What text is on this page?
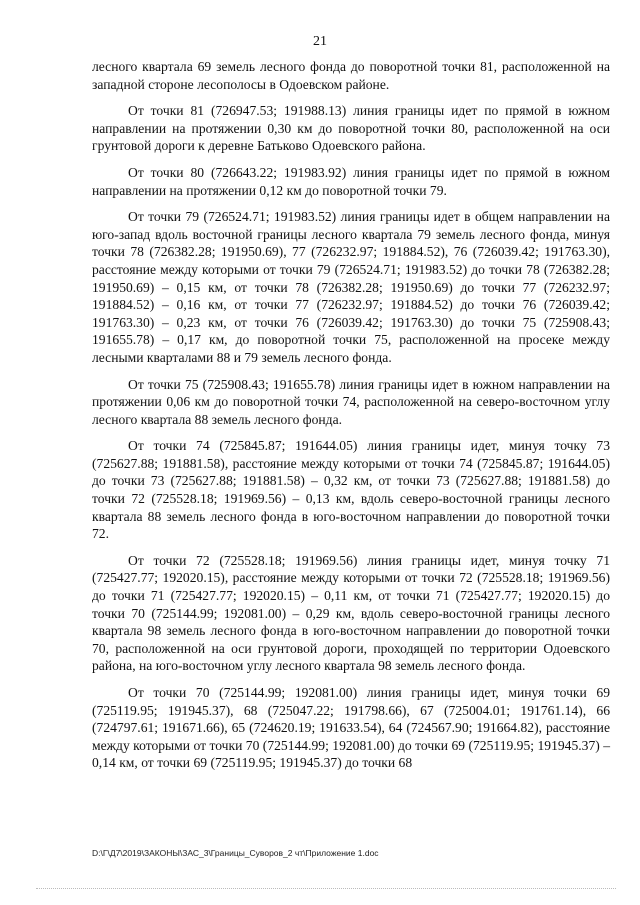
21

лесного квартала 69 земель лесного фонда до поворотной точки 81, расположенной на западной стороне лесополосы в Одоевском районе.

От точки 81 (726947.53; 191988.13) линия границы идет по прямой в южном направлении на протяжении 0,30 км до поворотной точки 80, расположенной на оси грунтовой дороги к деревне Батьково Одоевского района.

От точки 80 (726643.22; 191983.92) линия границы идет по прямой в южном направлении на протяжении 0,12 км до поворотной точки 79.

От точки 79 (726524.71; 191983.52) линия границы идет в общем направлении на юго-запад вдоль восточной границы лесного квартала 79 земель лесного фонда, минуя точки 78 (726382.28; 191950.69), 77 (726232.97; 191884.52), 76 (726039.42; 191763.30), расстояние между которыми от точки 79 (726524.71; 191983.52) до точки 78 (726382.28; 191950.69) – 0,15 км, от точки 78 (726382.28; 191950.69) до точки 77 (726232.97; 191884.52) – 0,16 км, от точки 77 (726232.97; 191884.52) до точки 76 (726039.42; 191763.30) – 0,23 км, от точки 76 (726039.42; 191763.30) до точки 75 (725908.43; 191655.78) – 0,17 км, до поворотной точки 75, расположенной на просеке между лесными кварталами 88 и 79 земель лесного фонда.

От точки 75 (725908.43; 191655.78) линия границы идет в южном направлении на протяжении 0,06 км до поворотной точки 74, расположенной на северо-восточном углу лесного квартала 88 земель лесного фонда.

От точки 74 (725845.87; 191644.05) линия границы идет, минуя точку 73 (725627.88; 191881.58), расстояние между которыми от точки 74 (725845.87; 191644.05) до точки 73 (725627.88; 191881.58) – 0,32 км, от точки 73 (725627.88; 191881.58) до точки 72 (725528.18; 191969.56) – 0,13 км, вдоль северо-восточной границы лесного квартала 88 земель лесного фонда в юго-восточном направлении до поворотной точки 72.

От точки 72 (725528.18; 191969.56) линия границы идет, минуя точку 71 (725427.77; 192020.15), расстояние между которыми от точки 72 (725528.18; 191969.56) до точки 71 (725427.77; 192020.15) – 0,11 км, от точки 71 (725427.77; 192020.15) до точки 70 (725144.99; 192081.00) – 0,29 км, вдоль северо-восточной границы лесного квартала 98 земель лесного фонда в юго-восточном направлении до поворотной точки 70, расположенной на оси грунтовой дороги, проходящей по территории Одоевского района, на юго-восточном углу лесного квартала 98 земель лесного фонда.

От точки 70 (725144.99; 192081.00) линия границы идет, минуя точки 69 (725119.95; 191945.37), 68 (725047.22; 191798.66), 67 (725004.01; 191761.14), 66 (724797.61; 191671.66), 65 (724620.19; 191633.54), 64 (724567.90; 191664.82), расстояние между которыми от точки 70 (725144.99; 192081.00) до точки 69 (725119.95; 191945.37) – 0,14 км, от точки 69 (725119.95; 191945.37) до точки 68

D:\Г\Д7\2019\ЗАКОНЫ\ЗАС_3\Границы_Суворов_2 чт\Приложение 1.doc
